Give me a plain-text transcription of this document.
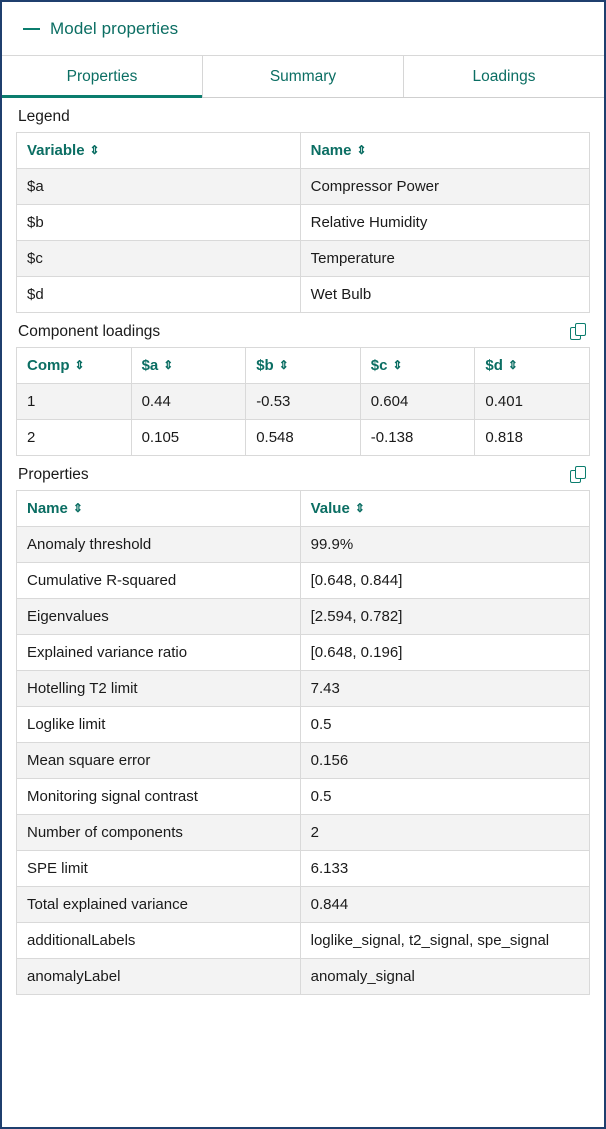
Model properties
Properties	Summary	Loadings
Legend
Variable ⇕	Name ⇕
$a	Compressor Power
$b	Relative Humidity
$c	Temperature
$d	Wet Bulb
Component loadings
Comp ⇕	$a ⇕	$b ⇕	$c ⇕	$d ⇕
1	0.44	-0.53	0.604	0.401
2	0.105	0.548	-0.138	0.818
Properties
Name ⇕	Value ⇕
Anomaly threshold	99.9%
Cumulative R-squared	[0.648, 0.844]
Eigenvalues	[2.594, 0.782]
Explained variance ratio	[0.648, 0.196]
Hotelling T2 limit	7.43
Loglike limit	0.5
Mean square error	0.156
Monitoring signal contrast	0.5
Number of components	2
SPE limit	6.133
Total explained variance	0.844
additionalLabels	loglike_signal, t2_signal, spe_signal
anomalyLabel	anomaly_signal
